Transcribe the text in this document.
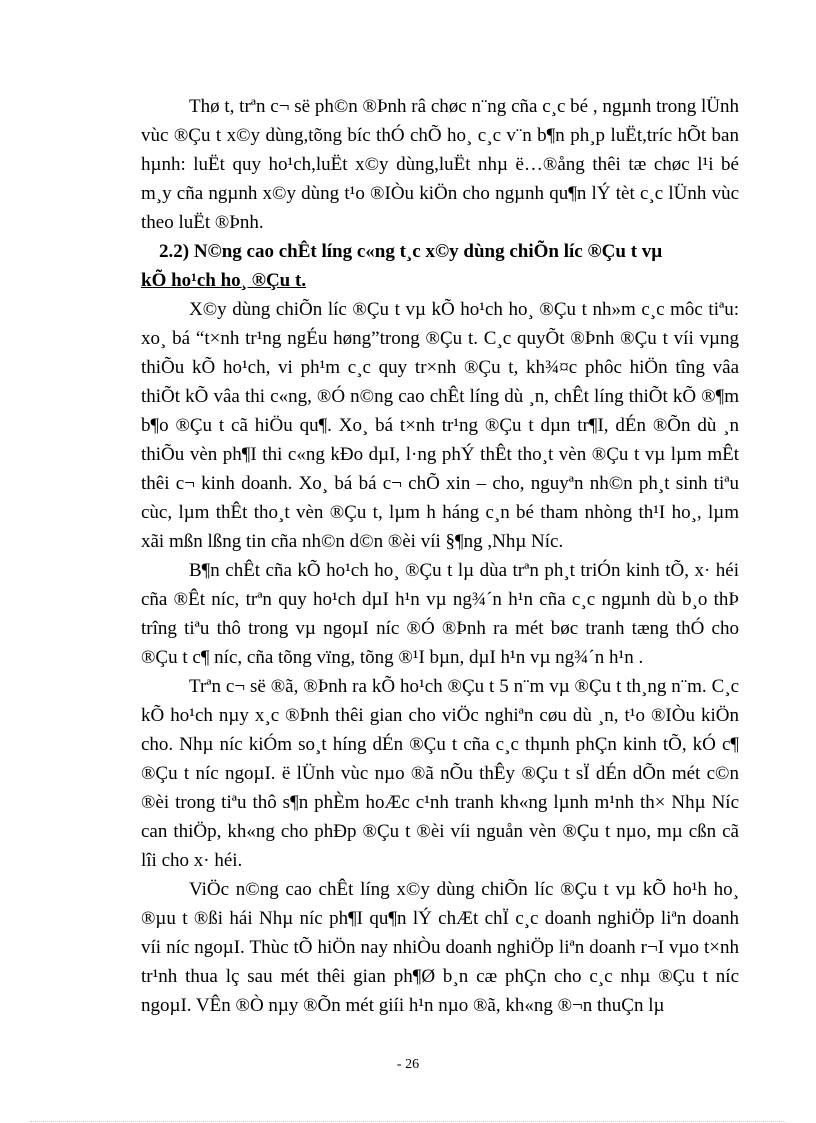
Thø t, trªn c¬ së ph©n ®Þnh râ chøc n¨ng cña c¸c bé , ngµnh trong lÜnh vùc ®Çu t x©y dùng,tõng bíc thÓ chÕ ho¸ c¸c v¨n b¶n ph¸p luËt,tríc hÕt ban hµnh: luËt quy ho¹ch,luËt x©y dùng,luËt nhµ ë…®ång thêi tæ chøc l¹i bé m¸y cña ngµnh x©y dùng t¹o ®IÒu kiÖn cho ngµnh qu¶n lÝ tèt c¸c lÜnh vùc theo luËt ®Þnh.

2.2) N©ng cao chÊt líng c«ng t¸c x©y dùng chiÕn líc ®Çu t vµ
kÕ ho¹ch ho¸ ®Çu t.

X©y dùng chiÕn líc ®Çu t vµ kÕ ho¹ch ho¸ ®Çu t nh»m c¸c môc tiªu: xo¸ bá “t×nh tr¹ng ngÉu høng”trong ®Çu t. C¸c quyÕt ®Þnh ®Çu t víi vµng thiÕu kÕ ho¹ch, vi ph¹m c¸c quy tr×nh ®Çu t, kh¾¤c phôc hiÖn tîng vâa thiÕt kÕ vâa thi c«ng, ®Ó n©ng cao chÊt líng dù ¸n, chÊt líng thiÕt kÕ ®¶m b¶o ®Çu t cã hiÖu qu¶. Xo¸ bá t×nh tr¹ng ®Çu t dµn tr¶I, dÉn ®Õn dù ¸n thiÕu vèn ph¶I thi c«ng kÐo dµI, l·ng phÝ thÊt tho¸t vèn ®Çu t vµ lµm mÊt thêi c¬ kinh doanh. Xo¸ bá bá c¬ chÕ xin – cho, nguyªn nh©n ph¸t sinh tiªu cùc, lµm thÊt tho¸t vèn ®Çu t, lµm h háng c¸n bé tham nhòng th¹I ho¸, lµm xãi mßn lßng tin cña nh©n d©n ®èi víi §¶ng ,Nhµ Níc.

B¶n chÊt cña kÕ ho¹ch ho¸ ®Çu t lµ dùa trªn ph¸t triÓn kinh tÕ, x· héi cña ®Êt níc, trªn quy ho¹ch dµI h¹n vµ ng¾´n h¹n cña c¸c ngµnh dù b¸o thÞ trîng tiªu thô trong vµ ngoµI níc ®Ó ®Þnh ra mét bøc tranh tæng thÓ cho ®Çu t c¶ níc, cña tõng vïng, tõng ®¹I bµn, dµI h¹n vµ ng¾´n h¹n .

Trªn c¬ së ®ã, ®Þnh ra kÕ ho¹ch ®Çu t 5 n¨m vµ ®Çu t th¸ng n¨m. C¸c kÕ ho¹ch nµy x¸c ®Þnh thêi gian cho viÖc nghiªn cøu dù ¸n, t¹o ®IÒu kiÖn cho. Nhµ níc kiÓm so¸t híng dÉn ®Çu t cña c¸c thµnh phÇn kinh tÕ, kÓ c¶ ®Çu t níc ngoµI. ë lÜnh vùc nµo ®ã nÕu thÊy ®Çu t sÏ dÉn dÕn mét c©n ®èi trong tiªu thô s¶n phÈm hoÆc c¹nh tranh kh«ng lµnh m¹nh th× Nhµ Níc can thiÖp, kh«ng cho phÐp ®Çu t ®èi víi nguån vèn ®Çu t nµo, mµ cßn cã lîi cho x· héi.

ViÖc n©ng cao chÊt líng x©y dùng chiÕn líc ®Çu t vµ kÕ ho¹h ho¸ ®µu t ®ßi hái Nhµ níc ph¶I qu¶n lÝ chÆt chÏ c¸c doanh nghiÖp liªn doanh víi níc ngoµI. Thùc tÕ hiÖn nay nhiÒu doanh nghiÖp liªn doanh r¬I vµo t×nh tr¹nh thua lç sau mét thêi gian ph¶Ø b¸n cæ phÇn cho c¸c nhµ ®Çu t níc ngoµI. VÊn ®Ò nµy ®Õn mét giíi h¹n nµo ®ã, kh«ng ®¬n thuÇn lµ

- 26
